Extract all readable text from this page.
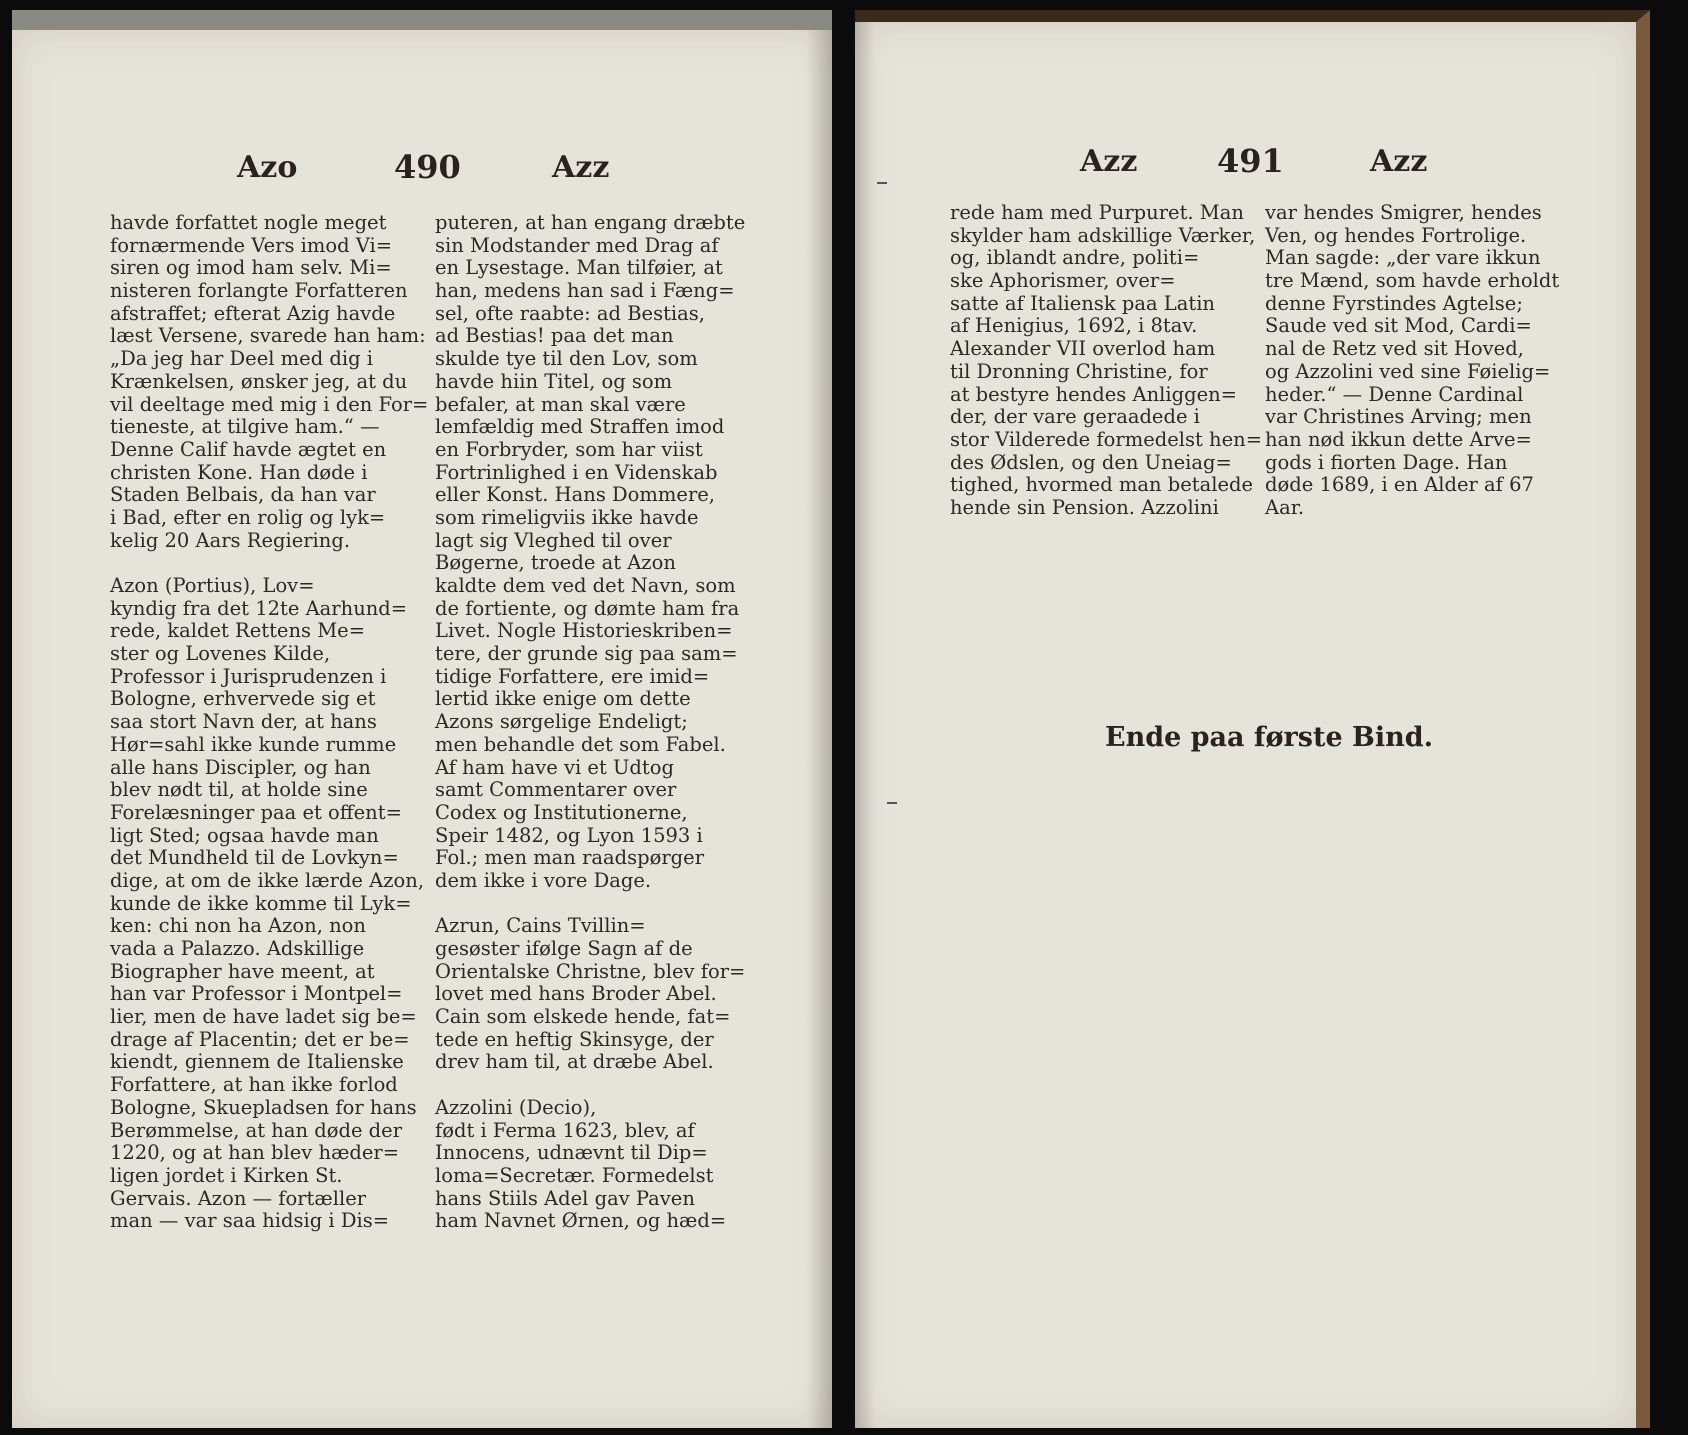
Azo	490	Azz
havde forfattet nogle meget
fornærmende Vers imod Vi=
siren og imod ham selv. Mi=
nisteren forlangte Forfatteren
afstraffet; efterat Azig havde
læst Versene, svarede han ham:
„Da jeg har Deel med dig i
Krænkelsen, ønsker jeg, at du
vil deeltage med mig i den For=
tieneste, at tilgive ham.“ —
Denne Calif havde ægtet en
christen Kone. Han døde i
Staden Belbais, da han var
i Bad, efter en rolig og lyk=
kelig 20 Aars Regiering.

Azon (Portius), Lov=
kyndig fra det 12te Aarhund=
rede, kaldet Rettens Me=
ster og Lovenes Kilde,
Professor i Jurisprudenzen i
Bologne, erhvervede sig et
saa stort Navn der, at hans
Hør=sahl ikke kunde rumme
alle hans Discipler, og han
blev nødt til, at holde sine
Forelæsninger paa et offent=
ligt Sted; ogsaa havde man
det Mundheld til de Lovkyn=
dige, at om de ikke lærde Azon,
kunde de ikke komme til Lyk=
ken: chi non ha Azon, non
vada a Palazzo. Adskillige
Biographer have meent, at
han var Professor i Montpel=
lier, men de have ladet sig be=
drage af Placentin; det er be=
kiendt, giennem de Italienske
Forfattere, at han ikke forlod
Bologne, Skuepladsen for hans
Berømmelse, at han døde der
1220, og at han blev hæder=
ligen jordet i Kirken St.
Gervais. Azon — fortæller
man — var saa hidsig i Dis=
puteren, at han engang dræbte
sin Modstander med Drag af
en Lysestage. Man tilføier, at
han, medens han sad i Fæng=
sel, ofte raabte: ad Bestias,
ad Bestias! paa det man
skulde tye til den Lov, som
havde hiin Titel, og som
befaler, at man skal være
lemfældig med Straffen imod
en Forbryder, som har viist
Fortrinlighed i en Videnskab
eller Konst. Hans Dommere,
som rimeligviis ikke havde
lagt sig Vleghed til over
Bøgerne, troede at Azon
kaldte dem ved det Navn, som
de fortiente, og dømte ham fra
Livet. Nogle Historieskriben=
tere, der grunde sig paa sam=
tidige Forfattere, ere imid=
lertid ikke enige om dette
Azons sørgelige Endeligt;
men behandle det som Fabel.
Af ham have vi et Udtog
samt Commentarer over
Codex og Institutionerne,
Speir 1482, og Lyon 1593 i
Fol.; men man raadspørger
dem ikke i vore Dage.

Azrun, Cains Tvillin=
gesøster ifølge Sagn af de
Orientalske Christne, blev for=
lovet med hans Broder Abel.
Cain som elskede hende, fat=
tede en heftig Skinsyge, der
drev ham til, at dræbe Abel.

Azzolini (Decio),
født i Ferma 1623, blev, af
Innocens, udnævnt til Dip=
loma=Secretær. Formedelst
hans Stiils Adel gav Paven
ham Navnet Ørnen, og hæd=
Azz 491	Azz
rede ham med Purpuret. Man
skylder ham adskillige Værker,
og, iblandt andre, politi=
ske Aphorismer, over=
satte af Italiensk paa Latin
af Henigius, 1692, i 8tav.
Alexander VII overlod ham
til Dronning Christine, for
at bestyre hendes Anliggen=
der, der vare geraadede i
stor Vilderede formedelst hen=
des Ødslen, og den Uneiag=
tighed, hvormed man betalede
hende sin Pension. Azzolini
var hendes Smigrer, hendes
Ven, og hendes Fortrolige.
Man sagde: „der vare ikkun
tre Mænd, som havde erholdt
denne Fyrstindes Agtelse;
Saude ved sit Mod, Cardi=
nal de Retz ved sit Hoved,
og Azzolini ved sine Føielig=
heder.“ — Denne Cardinal
var Christines Arving; men
han nød ikkun dette Arve=
gods i fiorten Dage. Han
døde 1689, i en Alder af 67
Aar.
Ende paa første Bind.
